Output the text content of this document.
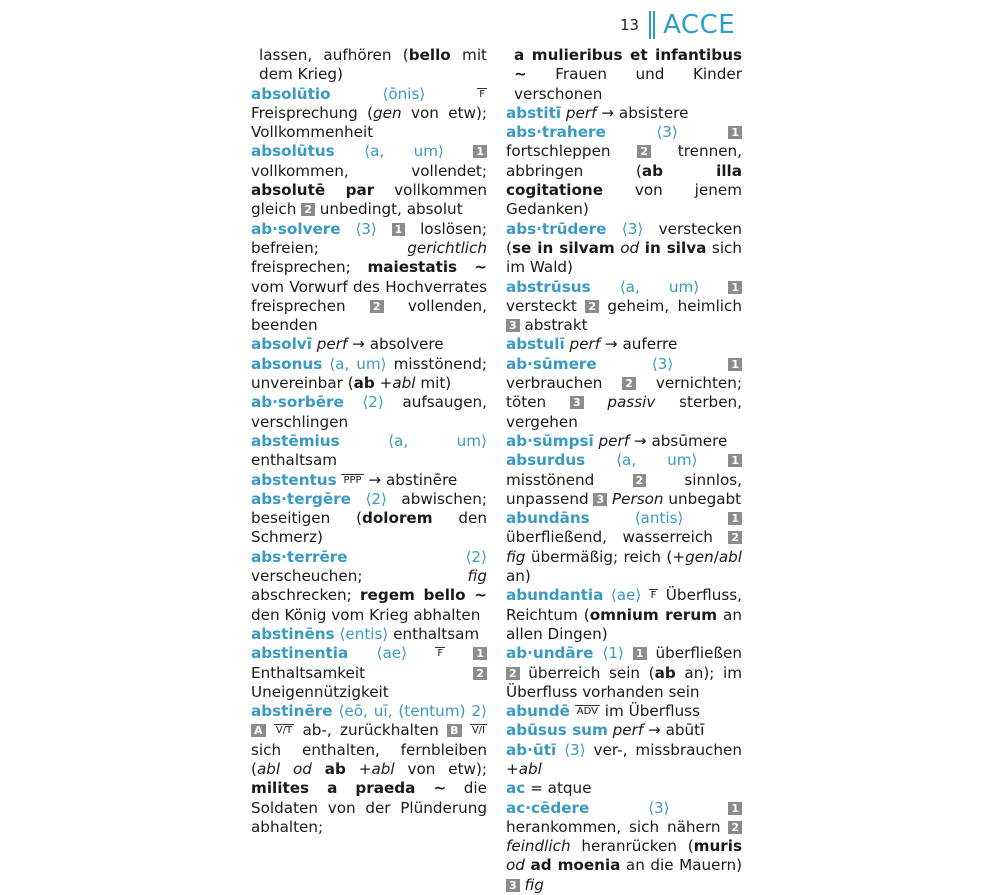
13 ACCE
lassen, aufhören (bello mit dem Krieg)
absolūtio	⟨ōnis⟩	F Freisprechung (gen von etw); Vollkommenheit
absolūtus ⟨a, um⟩	1 vollkommen, vollendet; absolutē par vollkommen gleich 2 unbedingt, absolut
ab·solvere ⟨3⟩ 1 loslösen; befreien; gerichtlich freisprechen; maiestatis ~ vom Vorwurf des Hochverrates freisprechen 2 vollenden, beenden
absolvī perf → absolvere
absonus ⟨a, um⟩ misstönend; unvereinbar (ab +abl mit)
ab·sorbēre ⟨2⟩ aufsaugen, verschlingen
abstēmius	⟨a, um⟩ enthaltsam
abstentus PPP → abstinēre
abs·tergēre ⟨2⟩ abwischen; beseitigen (dolorem den Schmerz)
abs·terrēre	⟨2⟩ verscheuchen; fig abschrecken; regem bello ~ den König vom Krieg abhalten
abstinēns ⟨entis⟩ enthaltsam
abstinentia ⟨ae⟩	F	1 Enthaltsamkeit 2 Uneigennützigkeit
abstinēre ⟨eō, uī, (tentum) 2⟩ A V/T ab-, zurückhalten B V/I sich enthalten, fernbleiben (abl od ab +abl von etw); milites a praeda ~ die Soldaten von der Plünderung abhalten;
a mulieribus et infantibus ~ Frauen und Kinder verschonen
abstitī perf → absistere
abs·trahere	⟨3⟩	1 fortschleppen 2 trennen, abbringen (ab illa cogitatione von jenem Gedanken)
abs·trūdere ⟨3⟩ verstecken (se in silvam od in silva sich im Wald)
abstrūsus ⟨a, um⟩	1 versteckt 2 geheim, heimlich 3 abstrakt
abstulī perf → auferre
ab·sūmere	⟨3⟩	1 verbrauchen 2 vernichten; töten 3 passiv sterben, vergehen
ab·sūmpsī perf → absūmere
absurdus ⟨a, um⟩	1 misstönend 2 sinnlos, unpassend 3 Person unbegabt
abundāns	⟨antis⟩	1 überfließend, wasserreich 2 fig übermäßig; reich (+gen/abl an)
abundantia ⟨ae⟩ F Überfluss, Reichtum (omnium rerum an allen Dingen)
ab·undāre ⟨1⟩ 1 überfließen 2 überreich sein (ab an); im Überfluss vorhanden sein
abundē ADV im Überfluss
abūsus sum perf → abūtī
ab·ūtī ⟨3⟩ ver-, missbrauchen +abl
ac = atque
ac·cēdere	⟨3⟩	1 herankommen, sich nähern 2 feindlich heranrücken (muris od ad moenia an die Mauern) 3 fig
